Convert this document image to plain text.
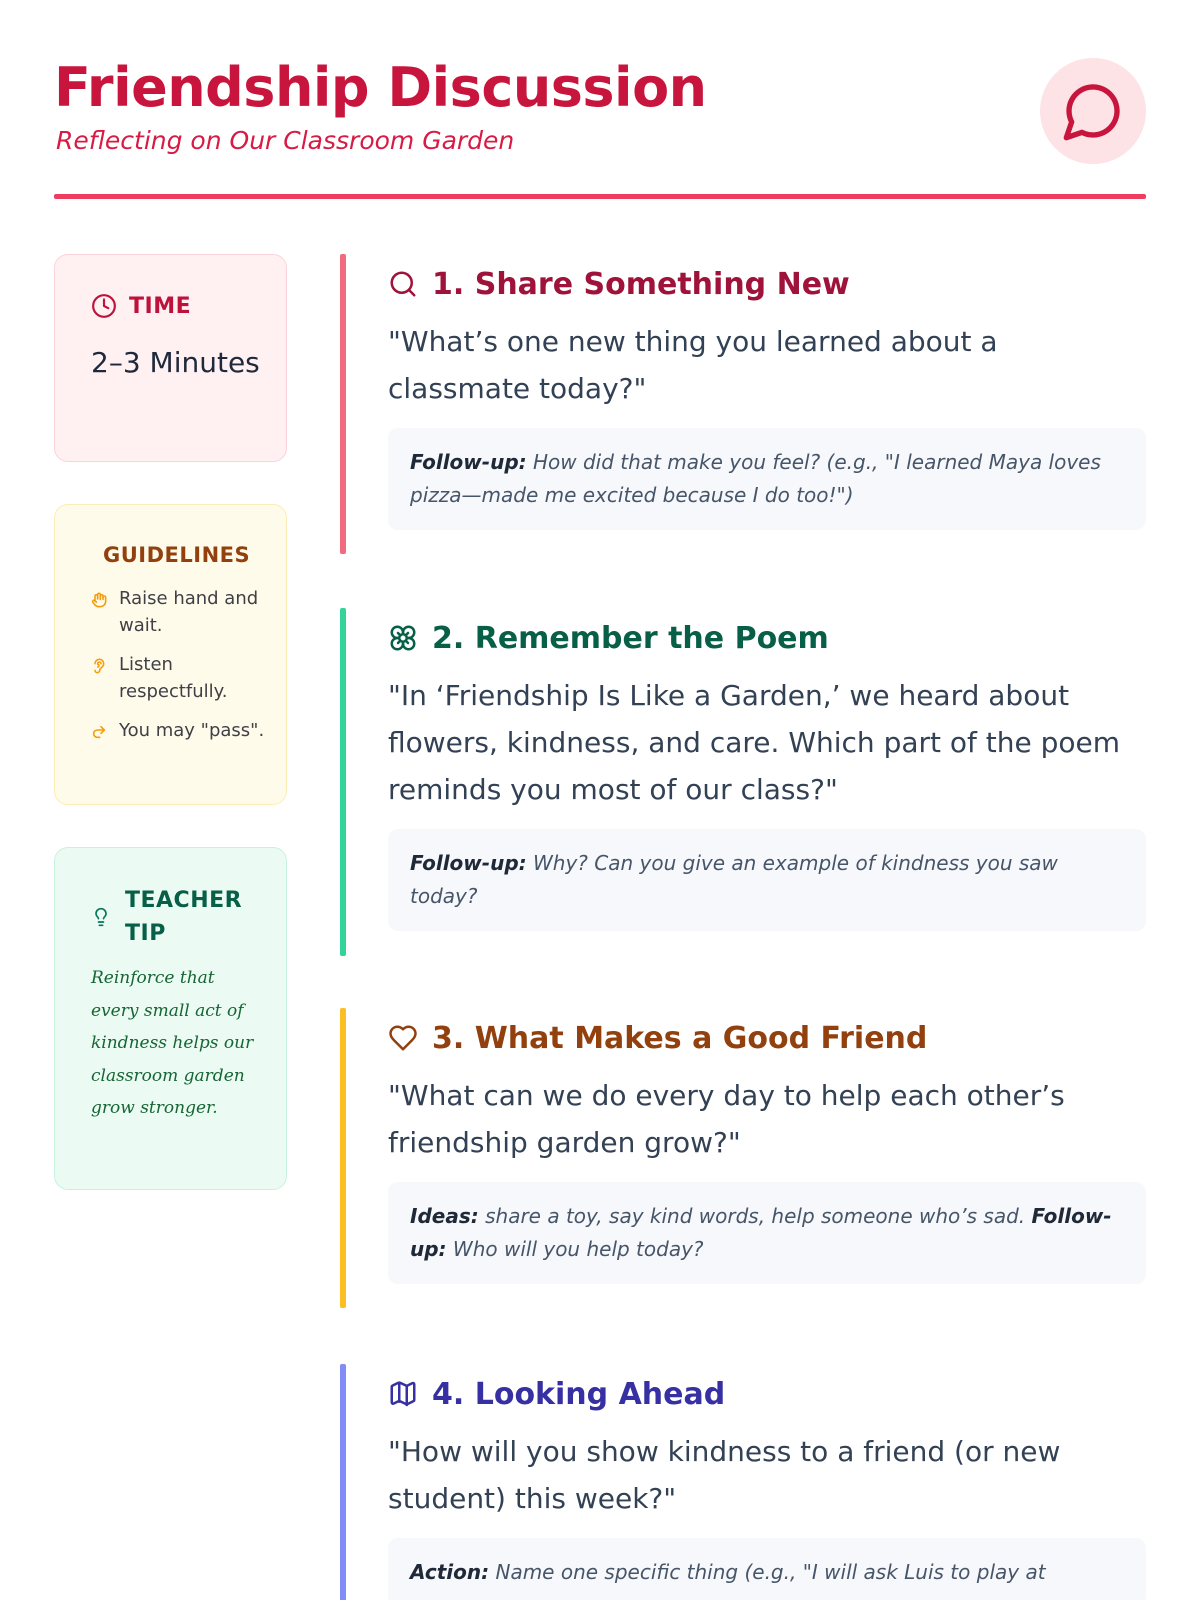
Friendship Discussion
Reflecting on Our Classroom Garden
TIME
2–3 Minutes
GUIDELINES
Raise hand and wait.
Listen respectfully.
You may "pass".
TEACHER TIP

Reinforce that every small act of kindness helps our classroom garden grow stronger.

1. Share Something New

"What’s one new thing you learned about a classmate today?"

Follow-up: How did that make you feel? (e.g., "I learned Maya loves pizza—made me excited because I do too!")
2. Remember the Poem

"In ‘Friendship Is Like a Garden,’ we heard about flowers, kindness, and care. Which part of the poem reminds you most of our class?"

Follow-up: Why? Can you give an example of kindness you saw today?
3. What Makes a Good Friend

"What can we do every day to help each other’s friendship garden grow?"

Ideas: share a toy, say kind words, help someone who’s sad. Follow-up: Who will you help today?
4. Looking Ahead

"How will you show kindness to a friend (or new student) this week?"

Action: Name one specific thing (e.g., "I will ask Luis to play at
